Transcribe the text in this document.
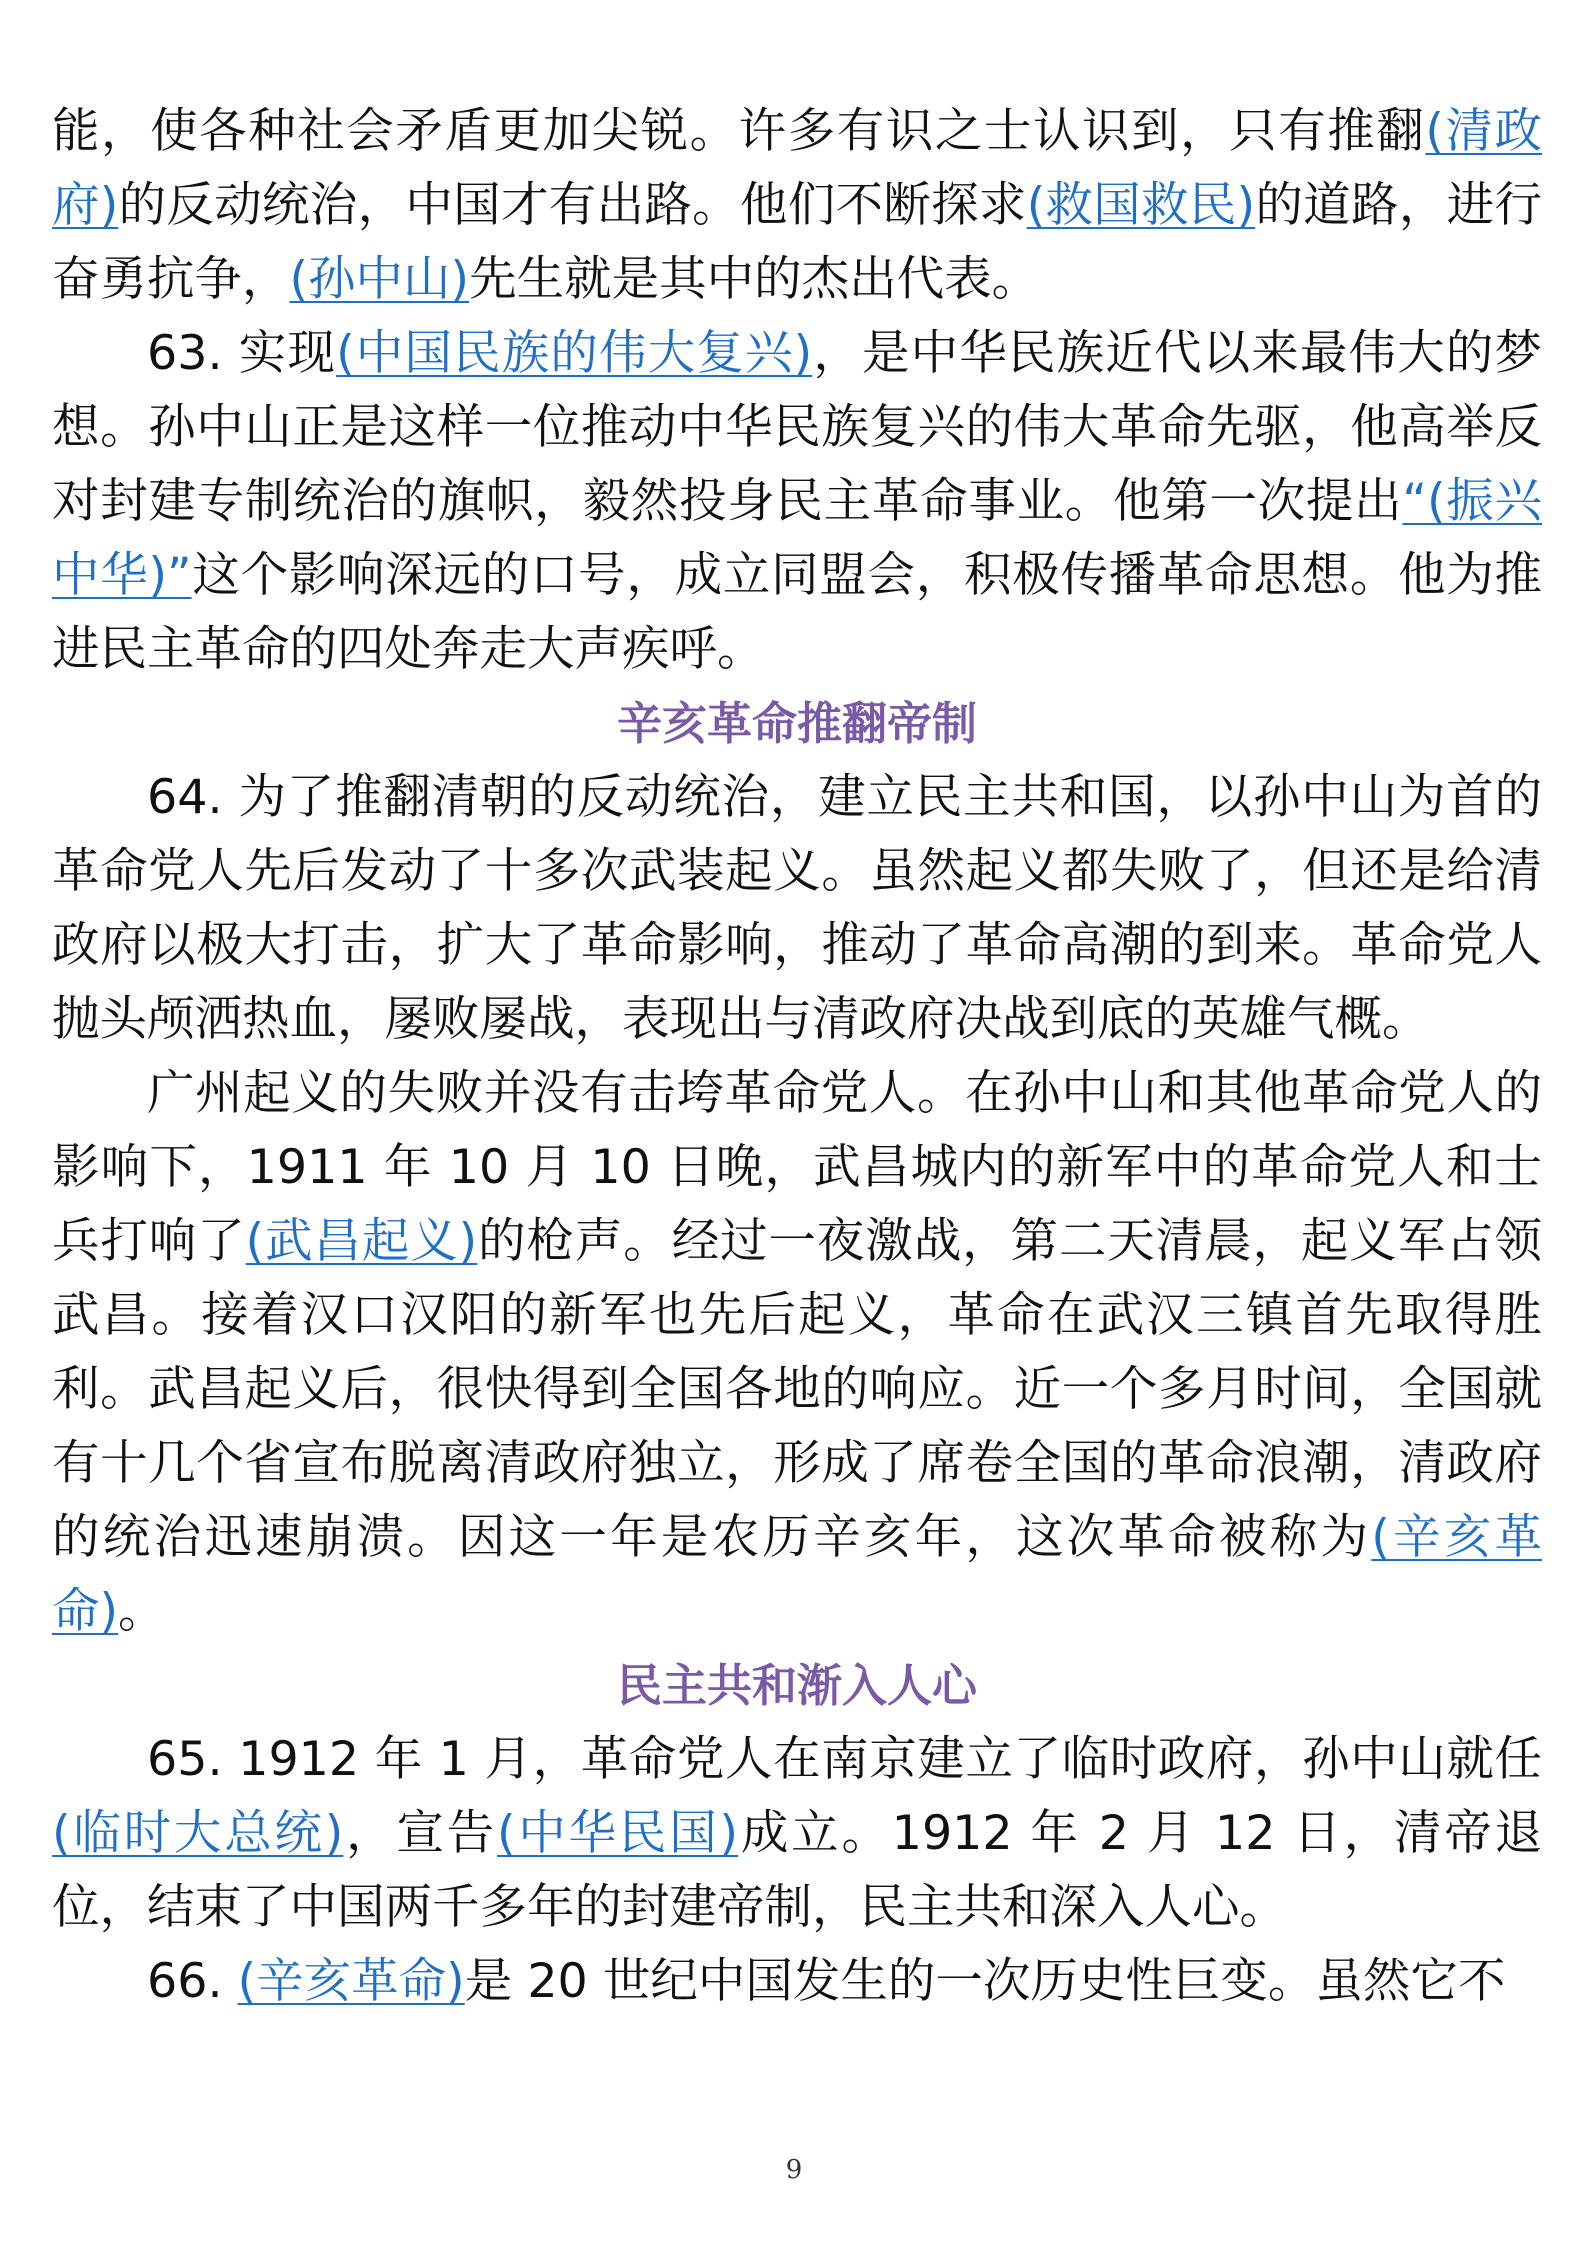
能，使各种社会矛盾更加尖锐。许多有识之士认识到，只有推翻(清政府)的反动统治，中国才有出路。他们不断探求(救国救民)的道路，进行奋勇抗争，(孙中山)先生就是其中的杰出代表。

63. 实现(中国民族的伟大复兴)，是中华民族近代以来最伟大的梦想。孙中山正是这样一位推动中华民族复兴的伟大革命先驱，他高举反对封建专制统治的旗帜，毅然投身民主革命事业。他第一次提出“(振兴中华)”这个影响深远的口号，成立同盟会，积极传播革命思想。他为推进民主革命的四处奔走大声疾呼。

辛亥革命推翻帝制

64. 为了推翻清朝的反动统治，建立民主共和国，以孙中山为首的革命党人先后发动了十多次武装起义。虽然起义都失败了，但还是给清政府以极大打击，扩大了革命影响，推动了革命高潮的到来。革命党人抛头颅洒热血，屡败屡战，表现出与清政府决战到底的英雄气概。

广州起义的失败并没有击垮革命党人。在孙中山和其他革命党人的影响下，1911 年 10 月 10 日晚，武昌城内的新军中的革命党人和士兵打响了(武昌起义)的枪声。经过一夜激战，第二天清晨，起义军占领武昌。接着汉口汉阳的新军也先后起义，革命在武汉三镇首先取得胜利。武昌起义后，很快得到全国各地的响应。近一个多月时间，全国就有十几个省宣布脱离清政府独立，形成了席卷全国的革命浪潮，清政府的统治迅速崩溃。因这一年是农历辛亥年，这次革命被称为(辛亥革命)。

民主共和渐入人心

65. 1912 年 1 月，革命党人在南京建立了临时政府，孙中山就任(临时大总统)，宣告(中华民国)成立。1912 年 2 月 12 日，清帝退位，结束了中国两千多年的封建帝制，民主共和深入人心。

66. (辛亥革命)是 20 世纪中国发生的一次历史性巨变。虽然它不

9
